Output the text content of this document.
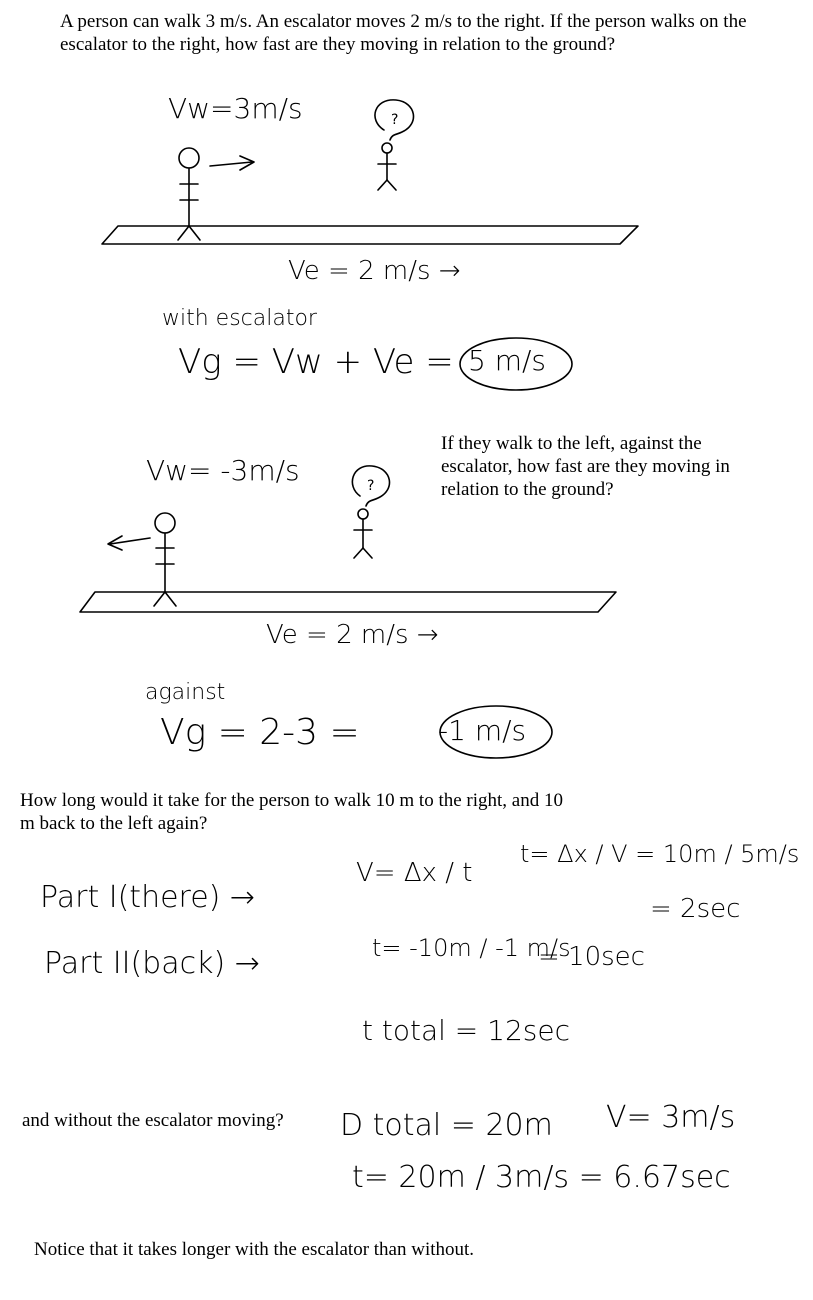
A person can walk 3 m/s. An escalator moves 2 m/s to the right. If the person walks on the escalator to the right, how fast are they moving in relation to the ground?
If they walk to the left, against the escalator, how fast are they moving in relation to the ground?
How long would it take for the person to walk 10 m to the right, and 10 m back to the left again?
and without the escalator moving?
Notice that it takes longer with the escalator than without.
Vw=3m/s
Ve = 2 m/s →
with escalator
Vg = Vw + Ve = 5 m/s
Vw= -3m/s
Ve = 2 m/s →
against
Vg = 2-3 =	-1 m/s
Part I(there) →
Part II(back) →
V= Δx / t
t= Δx / V = 10m / 5m/s
= 2sec
t= -10m / -1 m/s
= 10sec
t total = 12sec
D total = 20m V= 3m/s
t= 20m / 3m/s = 6.67sec
?
?
